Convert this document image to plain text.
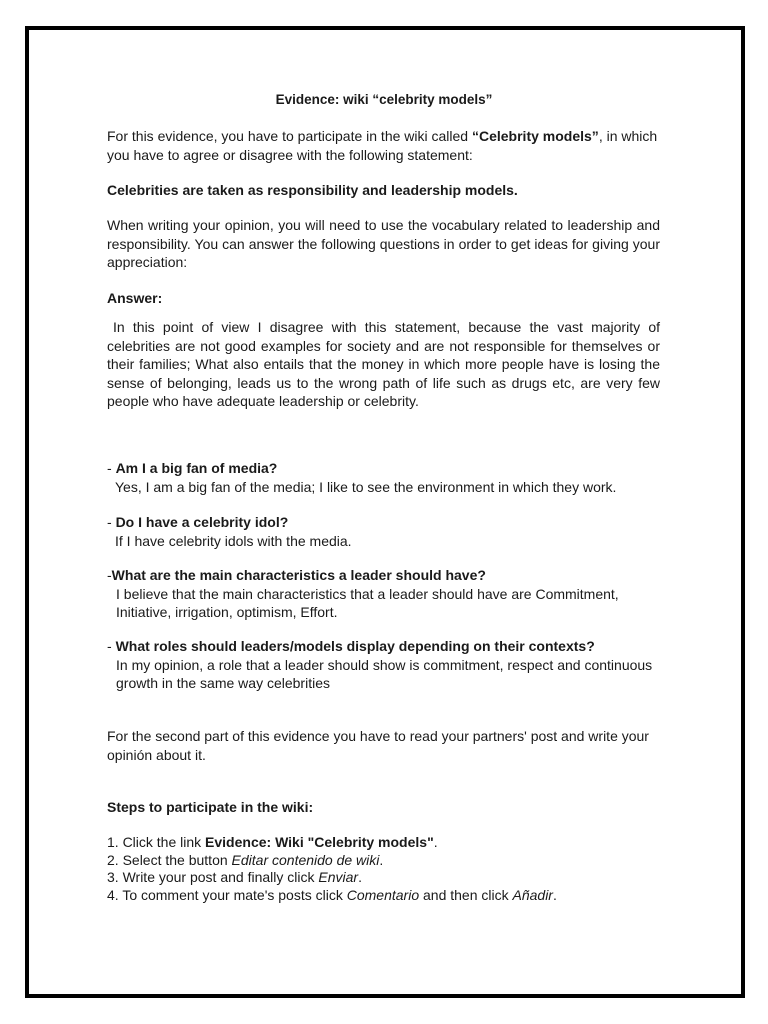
Evidence: wiki “celebrity models”

For this evidence, you have to participate in the wiki called “Celebrity models”, in which you have to agree or disagree with the following statement:

Celebrities are taken as responsibility and leadership models.
When writing your opinion, you will need to use the vocabulary related to leadership and responsibility. You can answer the following questions in order to get ideas for giving your appreciation:
Answer:
In this point of view I disagree with this statement, because the vast majority of celebrities are not good examples for society and are not responsible for themselves or their families; What also entails that the money in which more people have is losing the sense of belonging, leads us to the wrong path of life such as drugs etc, are very few people who have adequate leadership or celebrity.

- Am I a big fan of media?

Yes, I am a big fan of the media; I like to see the environment in which they work.

- Do I have a celebrity idol?

If I have celebrity idols with the media.

-What are the main characteristics a leader should have?

I believe that the main characteristics that a leader should have are Commitment, Initiative, irrigation, optimism, Effort.

- What roles should leaders/models display depending on their contexts?

In my opinion, a role that a leader should show is commitment, respect and continuous growth in the same way celebrities

For the second part of this evidence you have to read your partners' post and write your opinión about it.
Steps to participate in the wiki:
1. Click the link Evidence: Wiki "Celebrity models".
2. Select the button Editar contenido de wiki.
3. Write your post and finally click Enviar.
4. To comment your mate's posts click Comentario and then click Añadir.
